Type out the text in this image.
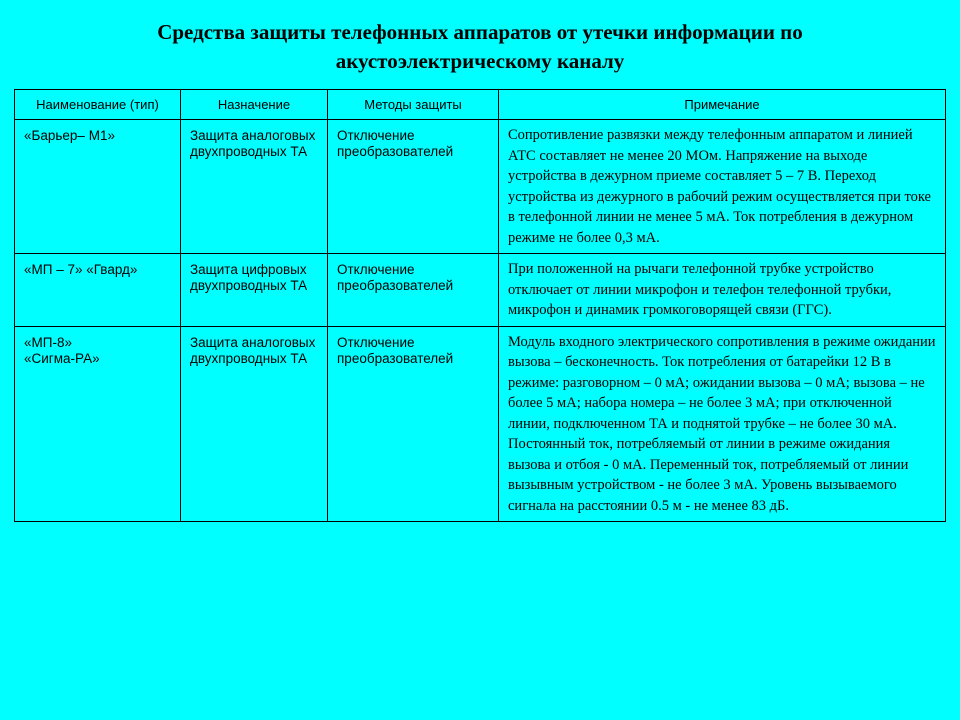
Средства защиты телефонных аппаратов от утечки информации по
акустоэлектрическому каналу
Наименование (тип)	Назначение	Методы защиты	Примечание

«Барьер– М1»	Защита аналоговых двухпроводных ТА	Отключение преобразователей	Сопротивление развязки между телефонным аппаратом и линией АТС составляет не менее 20 МОм. Напряжение на выходе устройства в дежурном приеме составляет 5 – 7 В. Переход устройства из дежурного в рабочий режим осуществляется при токе в телефонной линии не менее 5 мА. Ток потребления в дежурном режиме не более 0,3 мА.

«МП – 7» «Гвард»	Защита цифровых двухпроводных ТА	Отключение преобразователей	При положенной на рычаги телефонной трубке устройство отключает от линии микрофон и телефон телефонной трубки, микрофон и динамик громкоговорящей связи (ГГС).

«МП-8»
«Сигма-РА»	Защита аналоговых двухпроводных ТА	Отключение преобразователей	Модуль входного электрического сопротивления в режиме ожидании вызова – бесконечность. Ток потребления от батарейки 12 В в режиме: разговорном – 0 мА; ожидании вызова – 0 мА; вызова – не более 5 мА; набора номера – не более 3 мА; при отключенной линии, подключенном ТА и поднятой трубке – не более 30 мА. Постоянный ток, потребляемый от линии в режиме ожидания вызова и отбоя - 0 мА. Переменный ток, потребляемый от линии вызывным устройством - не более 3 мА. Уровень вызываемого сигнала на расстоянии 0.5 м - не менее 83 дБ.
